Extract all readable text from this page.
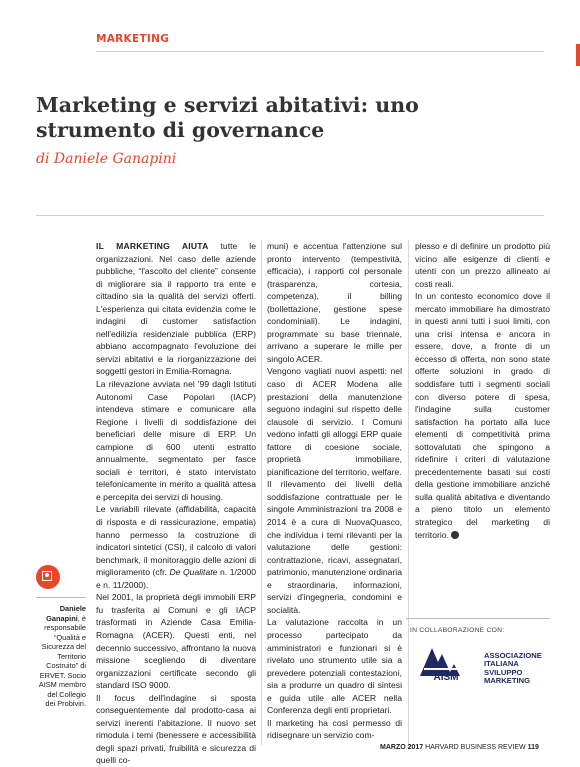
MARKETING
Marketing e servizi abitativi: uno strumento di governance
di Daniele Ganapini

IL MARKETING AIUTA tutte le organizzazioni. Nel caso delle aziende pubbliche, “l'ascolto del cliente” consente di migliorare sia il rapporto tra ente e cittadino sia la qualità dei servizi offerti. L'esperienza qui citata evidenzia come le indagini di customer satisfaction nell'edilizia residenziale pubblica (ERP) abbiano accompagnato l'evoluzione dei servizi abitativi e la riorganizzazione dei soggetti gestori in Emilia-Romagna.

La rilevazione avviata nel '99 dagli Istituti Autonomi Case Popolari (IACP) intendeva stimare e comunicare alla Regione i livelli di soddisfazione dei beneficiari delle misure di ERP. Un campione di 600 utenti estratto annualmente, segmentato per fasce sociali e territori, è stato intervistato telefonicamente in merito a qualità attesa e percepita dei servizi di housing.

Le variabili rilevate (affidabilità, capacità di risposta e di rassicurazione, empatia) hanno permesso la costruzione di indicatori sintetici (CSI), il calcolo di valori benchmark, il monitoraggio delle azioni di miglioramento (cfr. De Qualitate n. 1/2000 e n. 11/2000).

Nel 2001, la proprietà degli immobili ERP fu trasferita ai Comuni e gli IACP trasformati in Aziende Casa Emilia-Romagna (ACER). Questi enti, nel decennio successivo, affrontano la nuova missione scegliendo di diventare organizzazioni certificate secondo gli standard ISO 9000.

Il focus dell'indagine si sposta conseguentemente dal prodotto-casa ai servizi inerenti l'abitazione. Il nuovo set rimodula i temi (benessere e accessibilità degli spazi privati, fruibilità e sicurezza di quelli co-

muni) e accentua l'attenzione sul pronto intervento (tempestività, efficacia), i rapporti col personale (trasparenza, cortesia, competenza), il billing (bollettazione, gestione spese condominiali). Le indagini, programmate su base triennale, arrivano a superare le mille per singolo ACER.

Vengono vagliati nuovi aspetti: nel caso di ACER Modena alle prestazioni della manutenzione seguono indagini sul rispetto delle clausole di servizio. I Comuni vedono infatti gli alloggi ERP quale fattore di coesione sociale, proprietà immobiliare, pianificazione del territorio, welfare.

Il rilevamento dei livelli della soddisfazione contrattuale per le singole Amministrazioni tra 2008 e 2014 è a cura di NuovaQuasco, che individua i temi rilevanti per la valutazione delle gestioni: contrattazione, ricavi, assegnatari, patrimonio, manutenzione ordinaria e straordinaria, informazioni, servizi d'ingegneria, condomini e socialità.

La valutazione raccolta in un processo partecipato da amministratori e funzionari si è rivelato uno strumento utile sia a prevedere potenziali contestazioni, sia a produrre un quadro di sintesi e guida utile alle ACER nella Conferenza degli enti proprietari.

Il marketing ha così permesso di ridisegnare un servizio com-

plesso e di definire un prodotto più vicino alle esigenze di clienti e utenti con un prezzo allineato ai costi reali.

In un contesto economico dove il mercato immobiliare ha dimostrato in questi anni tutti i suoi limiti, con una crisi intensa e ancora in essere, dove, a fronte di un eccesso di offerta, non sono state offerte soluzioni in grado di soddisfare tutti i segmenti sociali con diverso potere di spesa, l'indagine sulla customer satisfaction ha portato alla luce elementi di competitività prima sottovalutati che spingono a ridefinire i criteri di valutazione precedentemente basati sui costi della gestione immobiliare anziché sulla qualità abitativa e diventando a pieno titolo un elemento strategico del marketing di territorio.

Daniele Ganapini, è responsabile “Qualità e Sicurezza del Territorio Costruito” di ERVET. Socio AISM membro del Collegio dei Probiviri.
IN COLLABORAZIONE CON:
AISM
ASSOCIAZIONE
ITALIANA
SVILUPPO
MARKETING
MARZO 2017 HARVARD BUSINESS REVIEW 119
